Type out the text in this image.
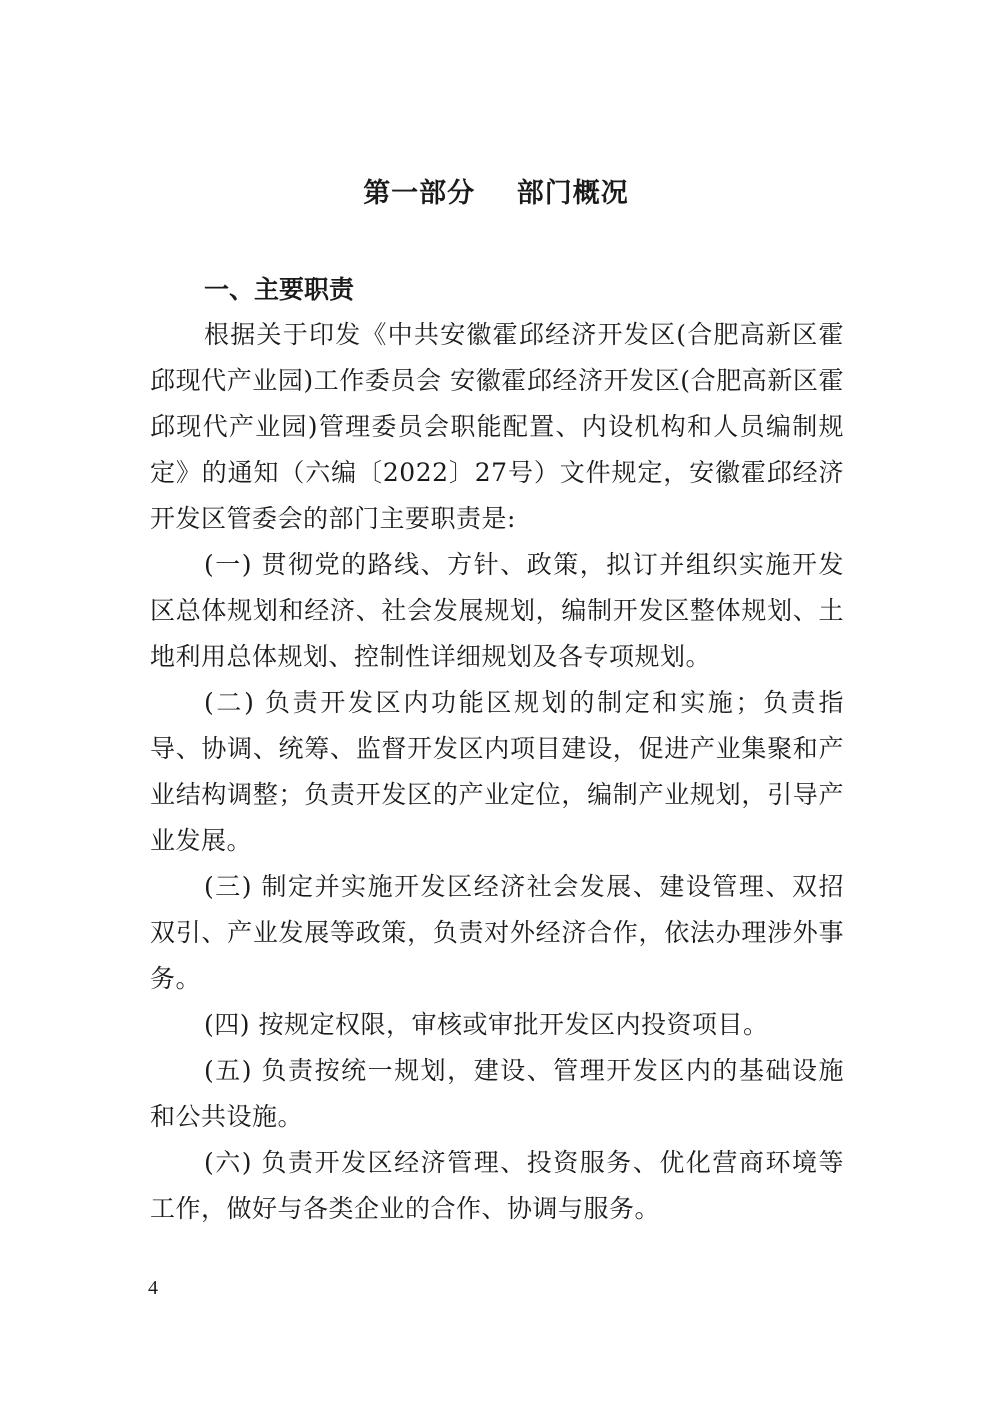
第一部分    部门概况
一、主要职责

根据关于印发《中共安徽霍邱经济开发区(合肥高新区霍邱现代产业园)工作委员会 安徽霍邱经济开发区(合肥高新区霍邱现代产业园)管理委员会职能配置、内设机构和人员编制规定》的通知（六编〔2022〕27号）文件规定，安徽霍邱经济开发区管委会的部门主要职责是:

(一) 贯彻党的路线、方针、政策，拟订并组织实施开发区总体规划和经济、社会发展规划，编制开发区整体规划、土地利用总体规划、控制性详细规划及各专项规划。

(二) 负责开发区内功能区规划的制定和实施；负责指导、协调、统筹、监督开发区内项目建设，促进产业集聚和产业结构调整；负责开发区的产业定位，编制产业规划，引导产业发展。

(三) 制定并实施开发区经济社会发展、建设管理、双招双引、产业发展等政策，负责对外经济合作，依法办理涉外事务。

(四) 按规定权限，审核或审批开发区内投资项目。

(五) 负责按统一规划，建设、管理开发区内的基础设施和公共设施。

(六) 负责开发区经济管理、投资服务、优化营商环境等工作，做好与各类企业的合作、协调与服务。

4
